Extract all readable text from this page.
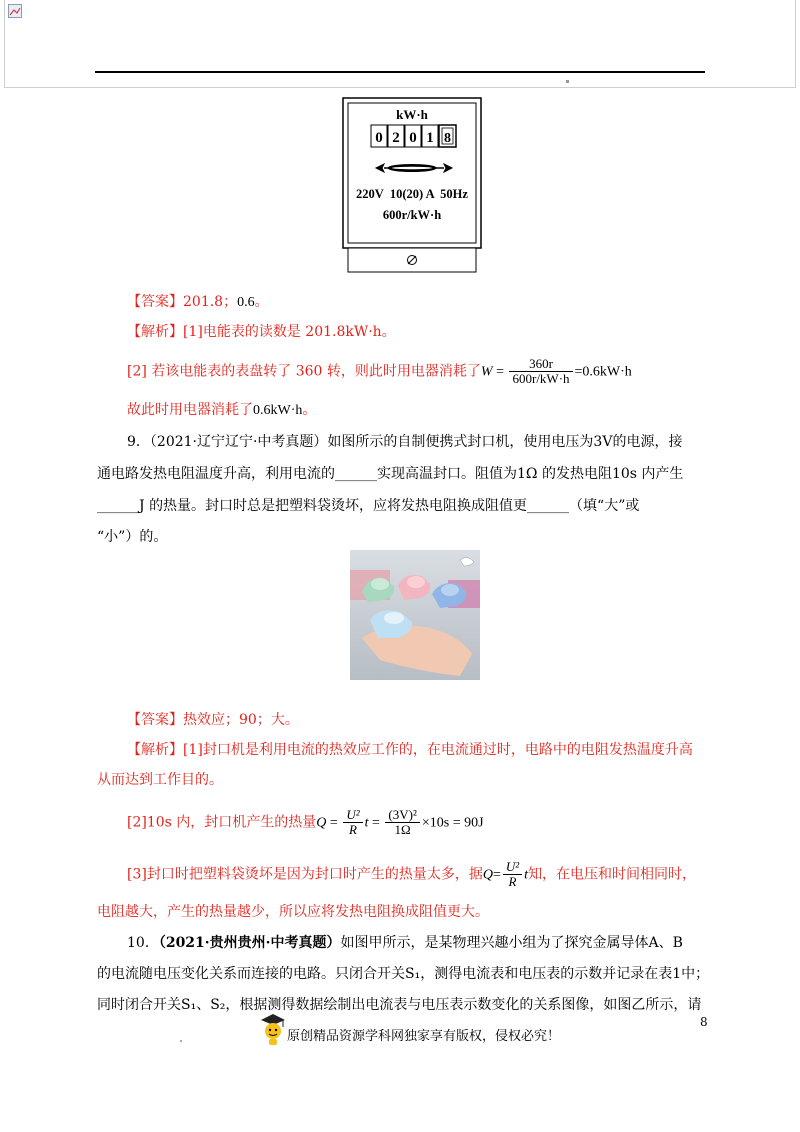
kW·h
0 2 0 1 8
220V  10(20) A  50Hz
600r/kW·h
【答案】201.8；0.6。
【解析】[1]电能表的读数是 201.8kW·h。
[2] 若该电能表的表盘转了 360 转，则此时用电器消耗了$W = \frac{360r}{600r/kW\cdot h} =0.6kW\cdot h$
故此时用电器消耗了0.6kW·h。
9．（2021·辽宁辽宁·中考真题）如图所示的自制便携式封口机，使用电压为3V的电源，接
通电路发热电阻温度升高，利用电流的______实现高温封口。阻值为1Ω 的发热电阻10s 内产生
______J 的热量。封口时总是把塑料袋烫坏，应将发热电阻换成阻值更______（填“大”或
“小”）的。
【答案】热效应；90；大。
【解析】[1]封口机是利用电流的热效应工作的，在电流通过时，电路中的电阻发热温度升高
从而达到工作目的。
[2]10s 内，封口机产生的热量$Q = \frac{\text{U²}}{R}$ $t = \frac{\text{(3V)²}}{1\Omega} \times 10s = 90J$
[3]封口时把塑料袋烫坏是因为封口时产生的热量太多，据$Q= \frac{\text{U²}}{R}$ t知，在电压和时间相同时，
电阻越大，产生的热量越少，所以应将发热电阻换成阻值更大。
10．（2021·贵州贵州·中考真题）如图甲所示，是某物理兴趣小组为了探究金属导体A、B
的电流随电压变化关系而连接的电路。只闭合开关S₁，测得电流表和电压表的示数并记录在表1中；
同时闭合开关S₁、S₂，根据测得数据绘制出电流表与电压表示数变化的关系图像，如图乙所示，请
8
原创精品资源学科网独家享有版权，侵权必究！
